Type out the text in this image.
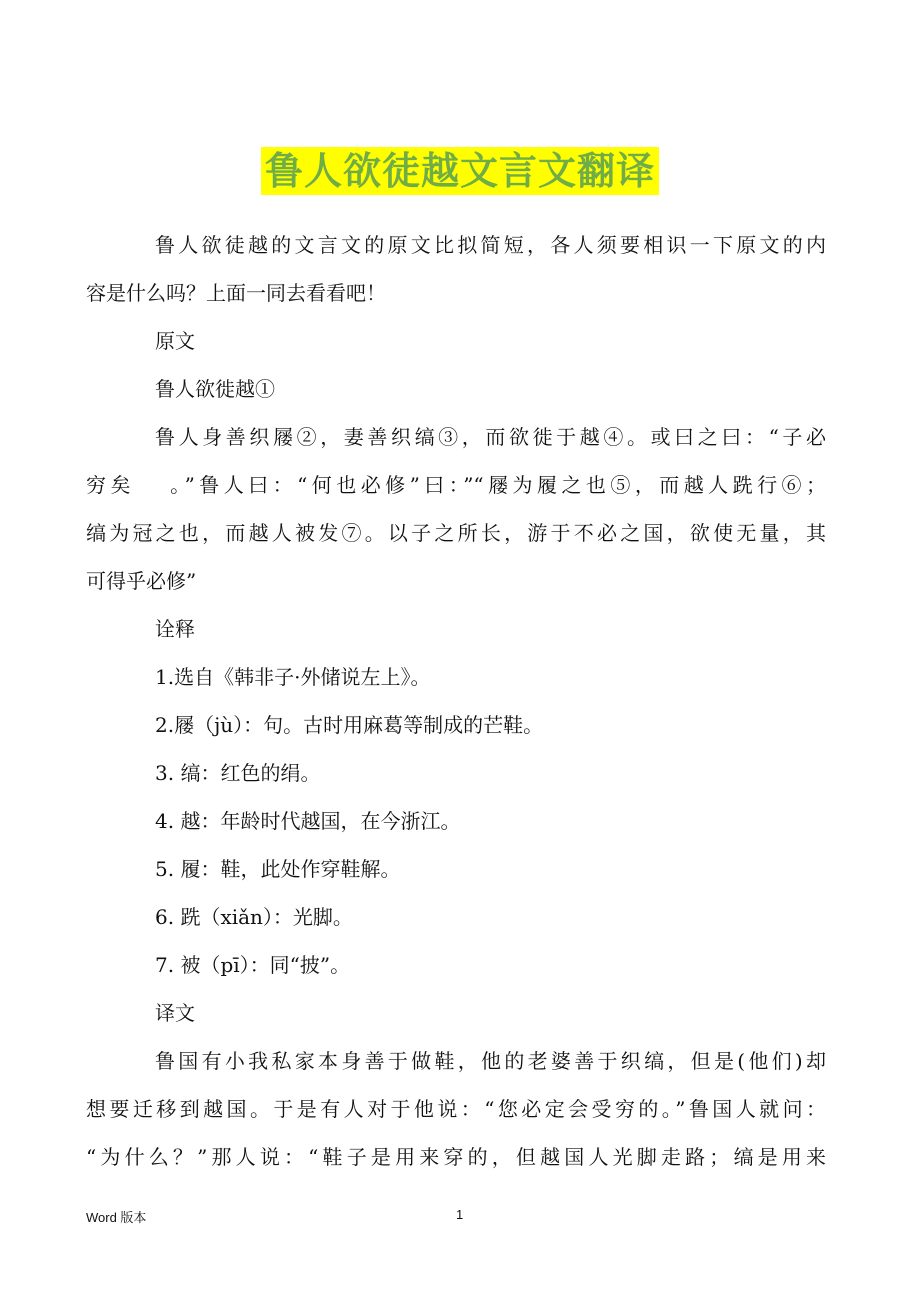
鲁人欲徒越文言文翻译
鲁人欲徒越的文言文的原文比拟简短，各人须要相识一下原文的内
容是什么吗？上面一同去看看吧！
原文
鲁人欲徙越①
鲁人身善织屦②，妻善织缟③，而欲徙于越④。或曰之曰：“子必
穷矣　 。”鲁人曰：“何也必修”曰：”“屦为履之也⑤，而越人跣行⑥；
缟为冠之也，而越人被发⑦。以子之所长，游于不必之国，欲使无量，其
可得乎必修”
诠释
1.选自《韩非子·外储说左上》。
2.屦（jù）：句。古时用麻葛等制成的芒鞋。
3. 缟：红色的绢。
4. 越：年龄时代越国，在今浙江。
5. 履：鞋，此处作穿鞋解。
6. 跣（xiǎn）：光脚。
7. 被（pī）：同“披”。
译文
鲁国有小我私家本身善于做鞋，他的老婆善于织缟，但是(他们)却
想要迁移到越国。于是有人对于他说：“您必定会受穷的。”鲁国人就问：
“为什么？”那人说：“鞋子是用来穿的，但越国人光脚走路；缟是用来
Word 版本	1
